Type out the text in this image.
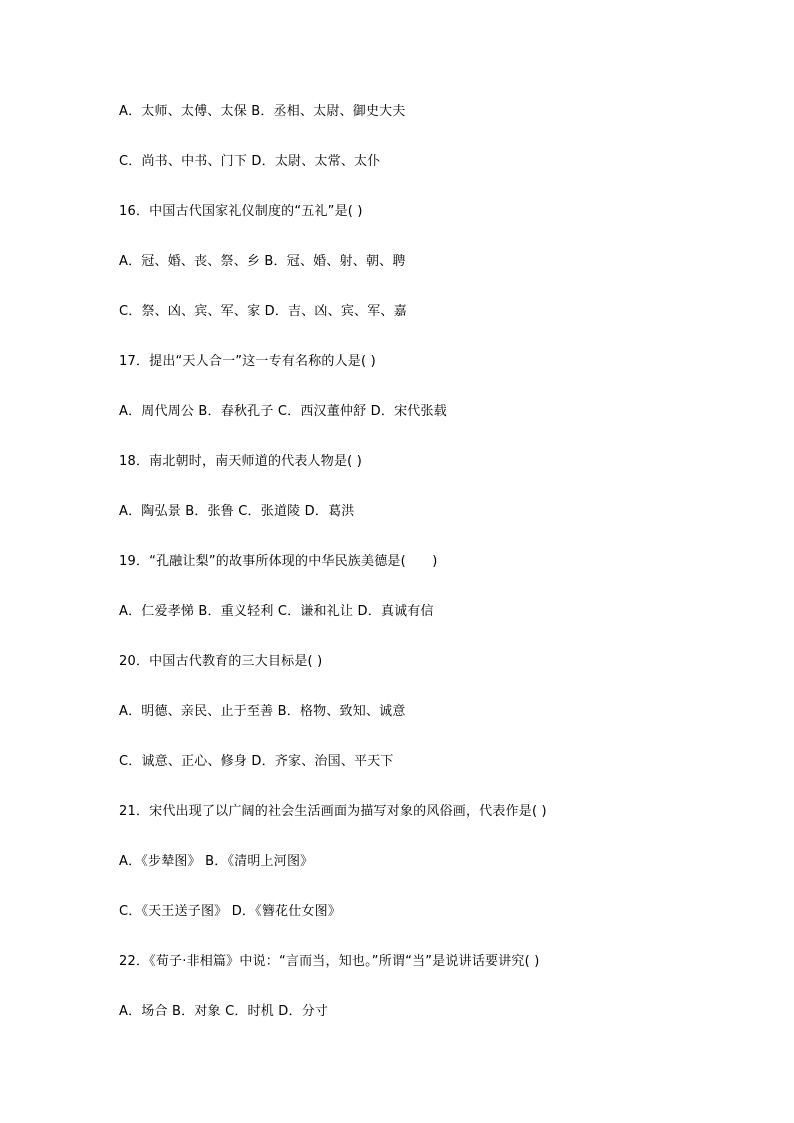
A．太师、太傅、太保 B．丞相、太尉、御史大夫
C．尚书、中书、门下 D．太尉、太常、太仆
16．中国古代国家礼仪制度的“五礼”是( )
A．冠、婚、丧、祭、乡 B．冠、婚、射、朝、聘
C．祭、凶、宾、军、家 D．吉、凶、宾、军、嘉
17．提出“天人合一”这一专有名称的人是( )
A．周代周公 B．春秋孔子 C．西汉董仲舒 D．宋代张载
18．南北朝时，南天师道的代表人物是( )
A．陶弘景 B．张鲁 C．张道陵 D．葛洪
19．“孔融让梨”的故事所体现的中华民族美德是(　　)
A．仁爱孝悌 B．重义轻利 C．谦和礼让 D．真诚有信
20．中国古代教育的三大目标是( )
A．明德、亲民、止于至善 B．格物、致知、诚意
C．诚意、正心、修身 D．齐家、治国、平天下
21．宋代出现了以广阔的社会生活画面为描写对象的风俗画，代表作是( )
A．《步辇图》 B．《清明上河图》
C．《天王送子图》 D．《簪花仕女图》
22．《荀子·非相篇》中说：“言而当，知也。”所谓“当”是说讲话要讲究( )
A．场合 B．对象 C．时机 D．分寸
